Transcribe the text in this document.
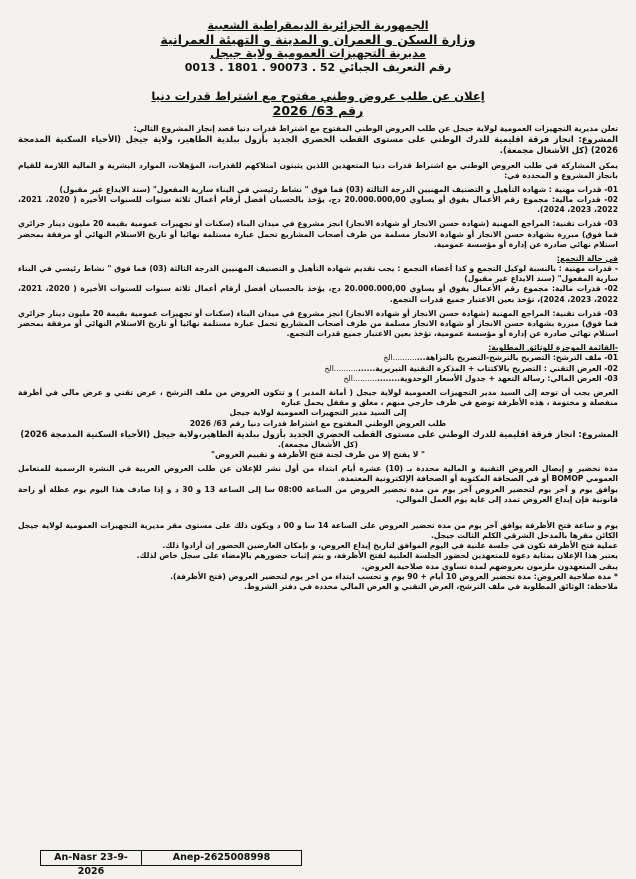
الجمهورية الجزائرية الديمقراطية الشعبية
وزارة السكن و العمران و المدينة و التهيئة العمرانية
مديرية التجهيزات العمومية ولاية جيجل
رقم التعريف الجبائي 52 . 90073 . 1801 . 0013
إعلان عن طلب عروض وطني مفتوح مع اشتراط قدرات دنيا
رقم 63/ 2026

تعلن مديرية التجهيزات العمومية لولاية جيجل عن طلب العروض الوطني المفتوح مع اشتراط قدرات دنيا قصد إنجاز المشروع التالي:

المشروع: انجاز فرقة اقليمية للدرك الوطني على مستوى القطب الحضري الجديد بأزول ببلدية الطاهير، ولاية جيجل (الأحياء السكنية المدمجة 2026) (كل الأشغال مجمعة).

يمكن المشاركة في طلب العروض الوطني مع اشتراط قدرات دنيا المتعهدين اللذين يثبتون امتلاكهم للقدرات، المؤهلات، الموارد البشرية و المالية اللازمة للقيام بانجاز المشروع و المحددة في:

01- قدرات مهنية : شهادة التأهيل و التصنيف المهنيين الدرجة الثالثة (03) فما فوق " نشاط رئيسي في البناء سارية المفعول" (سند الايداع غير مقبول)

02- قدرات مالية: مجموع رقم الأعمال يفوق أو يساوي 20.000.000,00 دج، يؤخذ بالحسبان أفضل أرقام أعمال ثلاثة سنوات للسنوات الأخيرة ( 2020، 2021، 2022، 2023، 2024).

03- قدرات تقنية: المراجع المهنية (شهادة حسن الانجاز أو شهادة الانجاز) انجز مشروع في ميدان البناء (سكنات أو تجهيزات عمومية بقيمة 20 مليون دينار جزائري فما فوق) مبررة بشهادة حسن الانجاز أو شهادة الانجاز مسلمة من طرف أصحاب المشاريع تحمل عبارة مستلمة نهائيا أو تاريخ الاستلام النهائي أو مرفقة بمحضر استلام نهائي صادرة عن إدارة أو مؤسسة عمومية.

في حالة التجمع:

- قدرات مهنية : بالنسبة لوكيل التجمع و كذا أعضاء التجمع : يجب تقديم شهادة التأهيل و التصنيف المهنيين الدرجة الثالثة (03) فما فوق " نشاط رئيسي في البناء سارية المفعول" (سند الايداع غير مقبول)

02- قدرات مالية: مجموع رقم الأعمال يفوق أو يساوي 20.000.000,00 دج، يؤخذ بالحسبان أفضل أرقام أعمال ثلاثة سنوات للسنوات الأخيرة ( 2020، 2021، 2022، 2023، 2024)، تؤخذ بعين الاعتبار جميع قدرات التجمع.

03- قدرات تقنية: المراجع المهنية (شهادة حسن الانجاز أو شهادة الانجاز) انجز مشروع في ميدان البناء (سكنات أو تجهيزات عمومية بقيمة 20 مليون دينار جزائري فما فوق) مبررة بشهادة حسن الانجاز أو شهادة الانجاز مسلمة من طرف أصحاب المشاريع تحمل عبارة مستلمة نهائيا أو تاريخ الاستلام النهائي أو مرفقة بمحضر استلام نهائي صادرة عن إدارة أو مؤسسة عمومية، تؤخذ بعين الاعتبار جميع قدرات التجمع.

-القائمة الموجزة للوثائق المطلوبة:

01- ملف الترشح: التصريح بالترشح-التصريح بالنزاهة.............الخ

02- العرض التقني : التصريح بالاكتتاب + المذكرة التقنية التبريرية................الخ

03- العرض المالي: رسالة التعهد + جدول الأسعار الوحدوية..................الخ

العرض يجب أن توجه إلى السيد مدير التجهيزات العمومية لولاية جيجل ( أمانة المدير ) و تتكون العروض من ملف الترشح ، عرض تقني و عرض مالي في أظرفة منفصلة و مختومة ، هذه الأظرفة توضع في ظرف خارجي مبهم ، مغلق و مقفل يحمل عبارة

إلى السيد مدير التجهيزات العمومية لولاية جيجل

طلب العروض الوطني المفتوح مع اشتراط قدرات دنيا رقم 63/ 2026

المشروع: انجاز فرقة اقليمية للدرك الوطني على مستوى القطب الحضري الجديد بأزول ببلدية الطاهير،ولاية جيجل (الأحياء السكنية المدمجة 2026)

(كل الأشغال مجمعة).

" لا يفتح إلا من طرف لجنة فتح الأظرفة و تقييم العروض"

مدة تحضير و إيصال العروض التقنية و المالية محددة بـ (10) عشرة أيام ابتداء من أول نشر للإعلان عن طلب العروض العربية في النشرة الرسمية للمتعامل العمومي BOMOP أو في الصحافة المكتوبة أو الصحافة الإلكترونية المعتمدة.

يوافق يوم و آخر يوم لتحضير العروض آخر يوم من مدة تحضير العروض من الساعة 08:00 سا إلى الساعة 13 و 30 د و إذا صادف هذا اليوم يوم عطلة أو راحة قانونية فإن إيداع العروض تمدد إلى غاية يوم العمل الموالي.

يوم و ساعة فتح الأظرفة يوافق آخر يوم من مدة تحضير العروض على الساعة 14 سا و 00 د ويكون ذلك على مستوى مقر مديرية التجهيزات العمومية لولاية جيجل الكائن مقرها بالمدخل الشرقي الكلم الثالث جيجل.

عملية فتح الأظرفة تكون في جلسة علنية في اليوم الموافق لتاريخ إيداع العروض، و بإمكان العارضين الحضور إن أرادوا ذلك.

يعتبر هذا الإعلان بمثابة دعوة للمتعهدين لحضور الجلسة العلنية لفتح الأظرفة، و يتم إثبات حضورهم بالإمضاء على سجل خاص لذلك.

يبقى المتعهدون ملزمون بعروضهم لمدة تساوي مدة صلاحية العروض.

* مدة صلاحية العروض: مدة تحضير العروض 10 أيام + 90 يوم و تحسب ابتداء من اخر يوم لتحضير العروض (فتح الأظرفة).

ملاحظة: الوثائق المطلوبة في ملف الترشح، العرض التقني و العرض المالي محددة في دفتر الشروط.

An-Nasr 23-9-2026
Anep-2625008998
